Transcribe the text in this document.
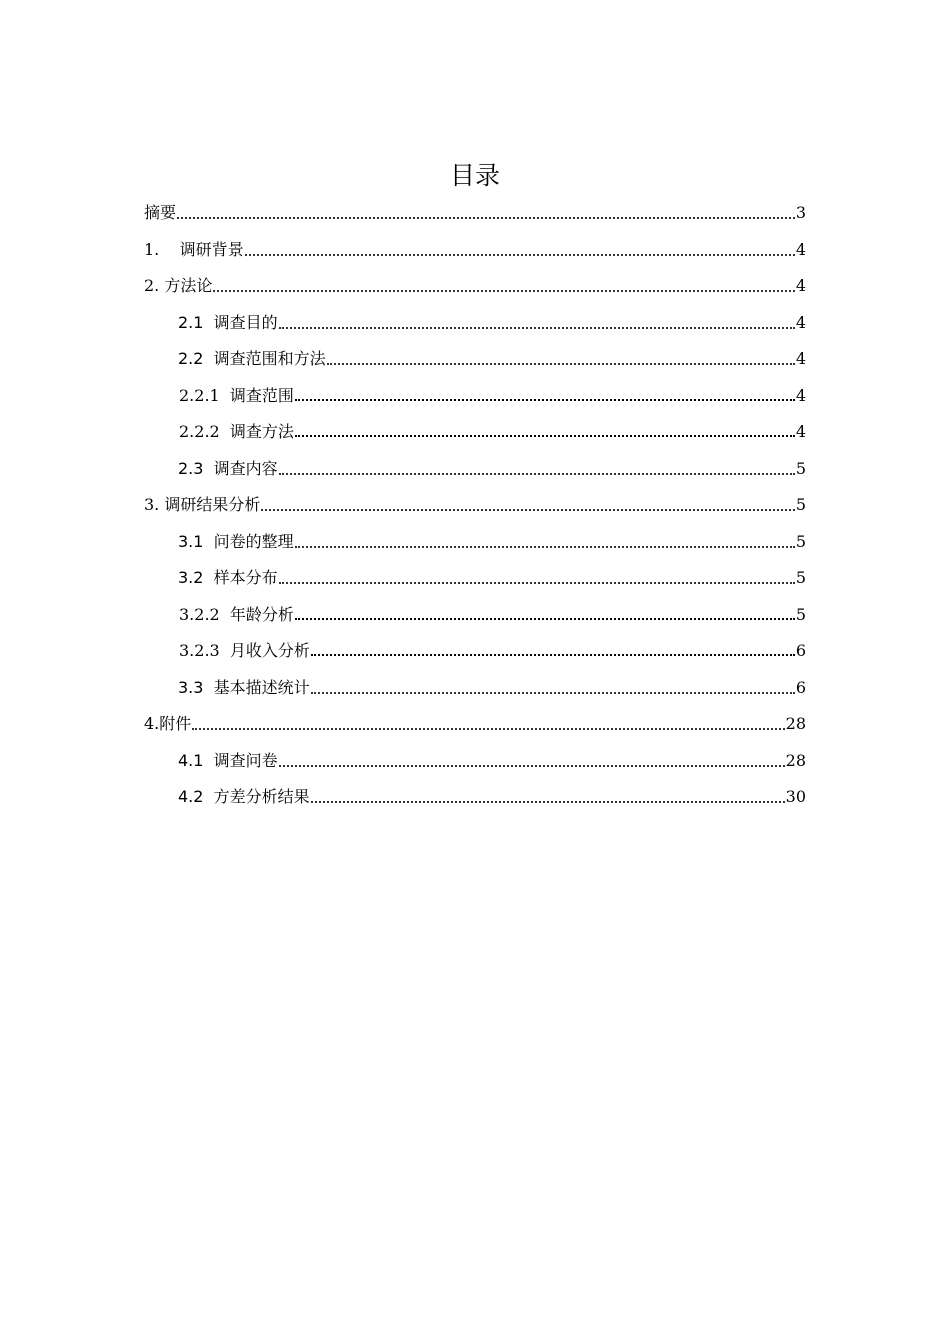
目录
摘要	3
1.    调研背景	4
2. 方法论	4
2.1  调查目的	4
2.2  调查范围和方法	4
2.2.1  调查范围	4
2.2.2  调查方法	4
2.3  调查内容	5
3. 调研结果分析	5
3.1  问卷的整理	5
3.2  样本分布	5
3.2.2  年龄分析	5
3.2.3  月收入分析	6
3.3  基本描述统计	6
4.附件	28
4.1  调查问卷	28
4.2  方差分析结果	30
